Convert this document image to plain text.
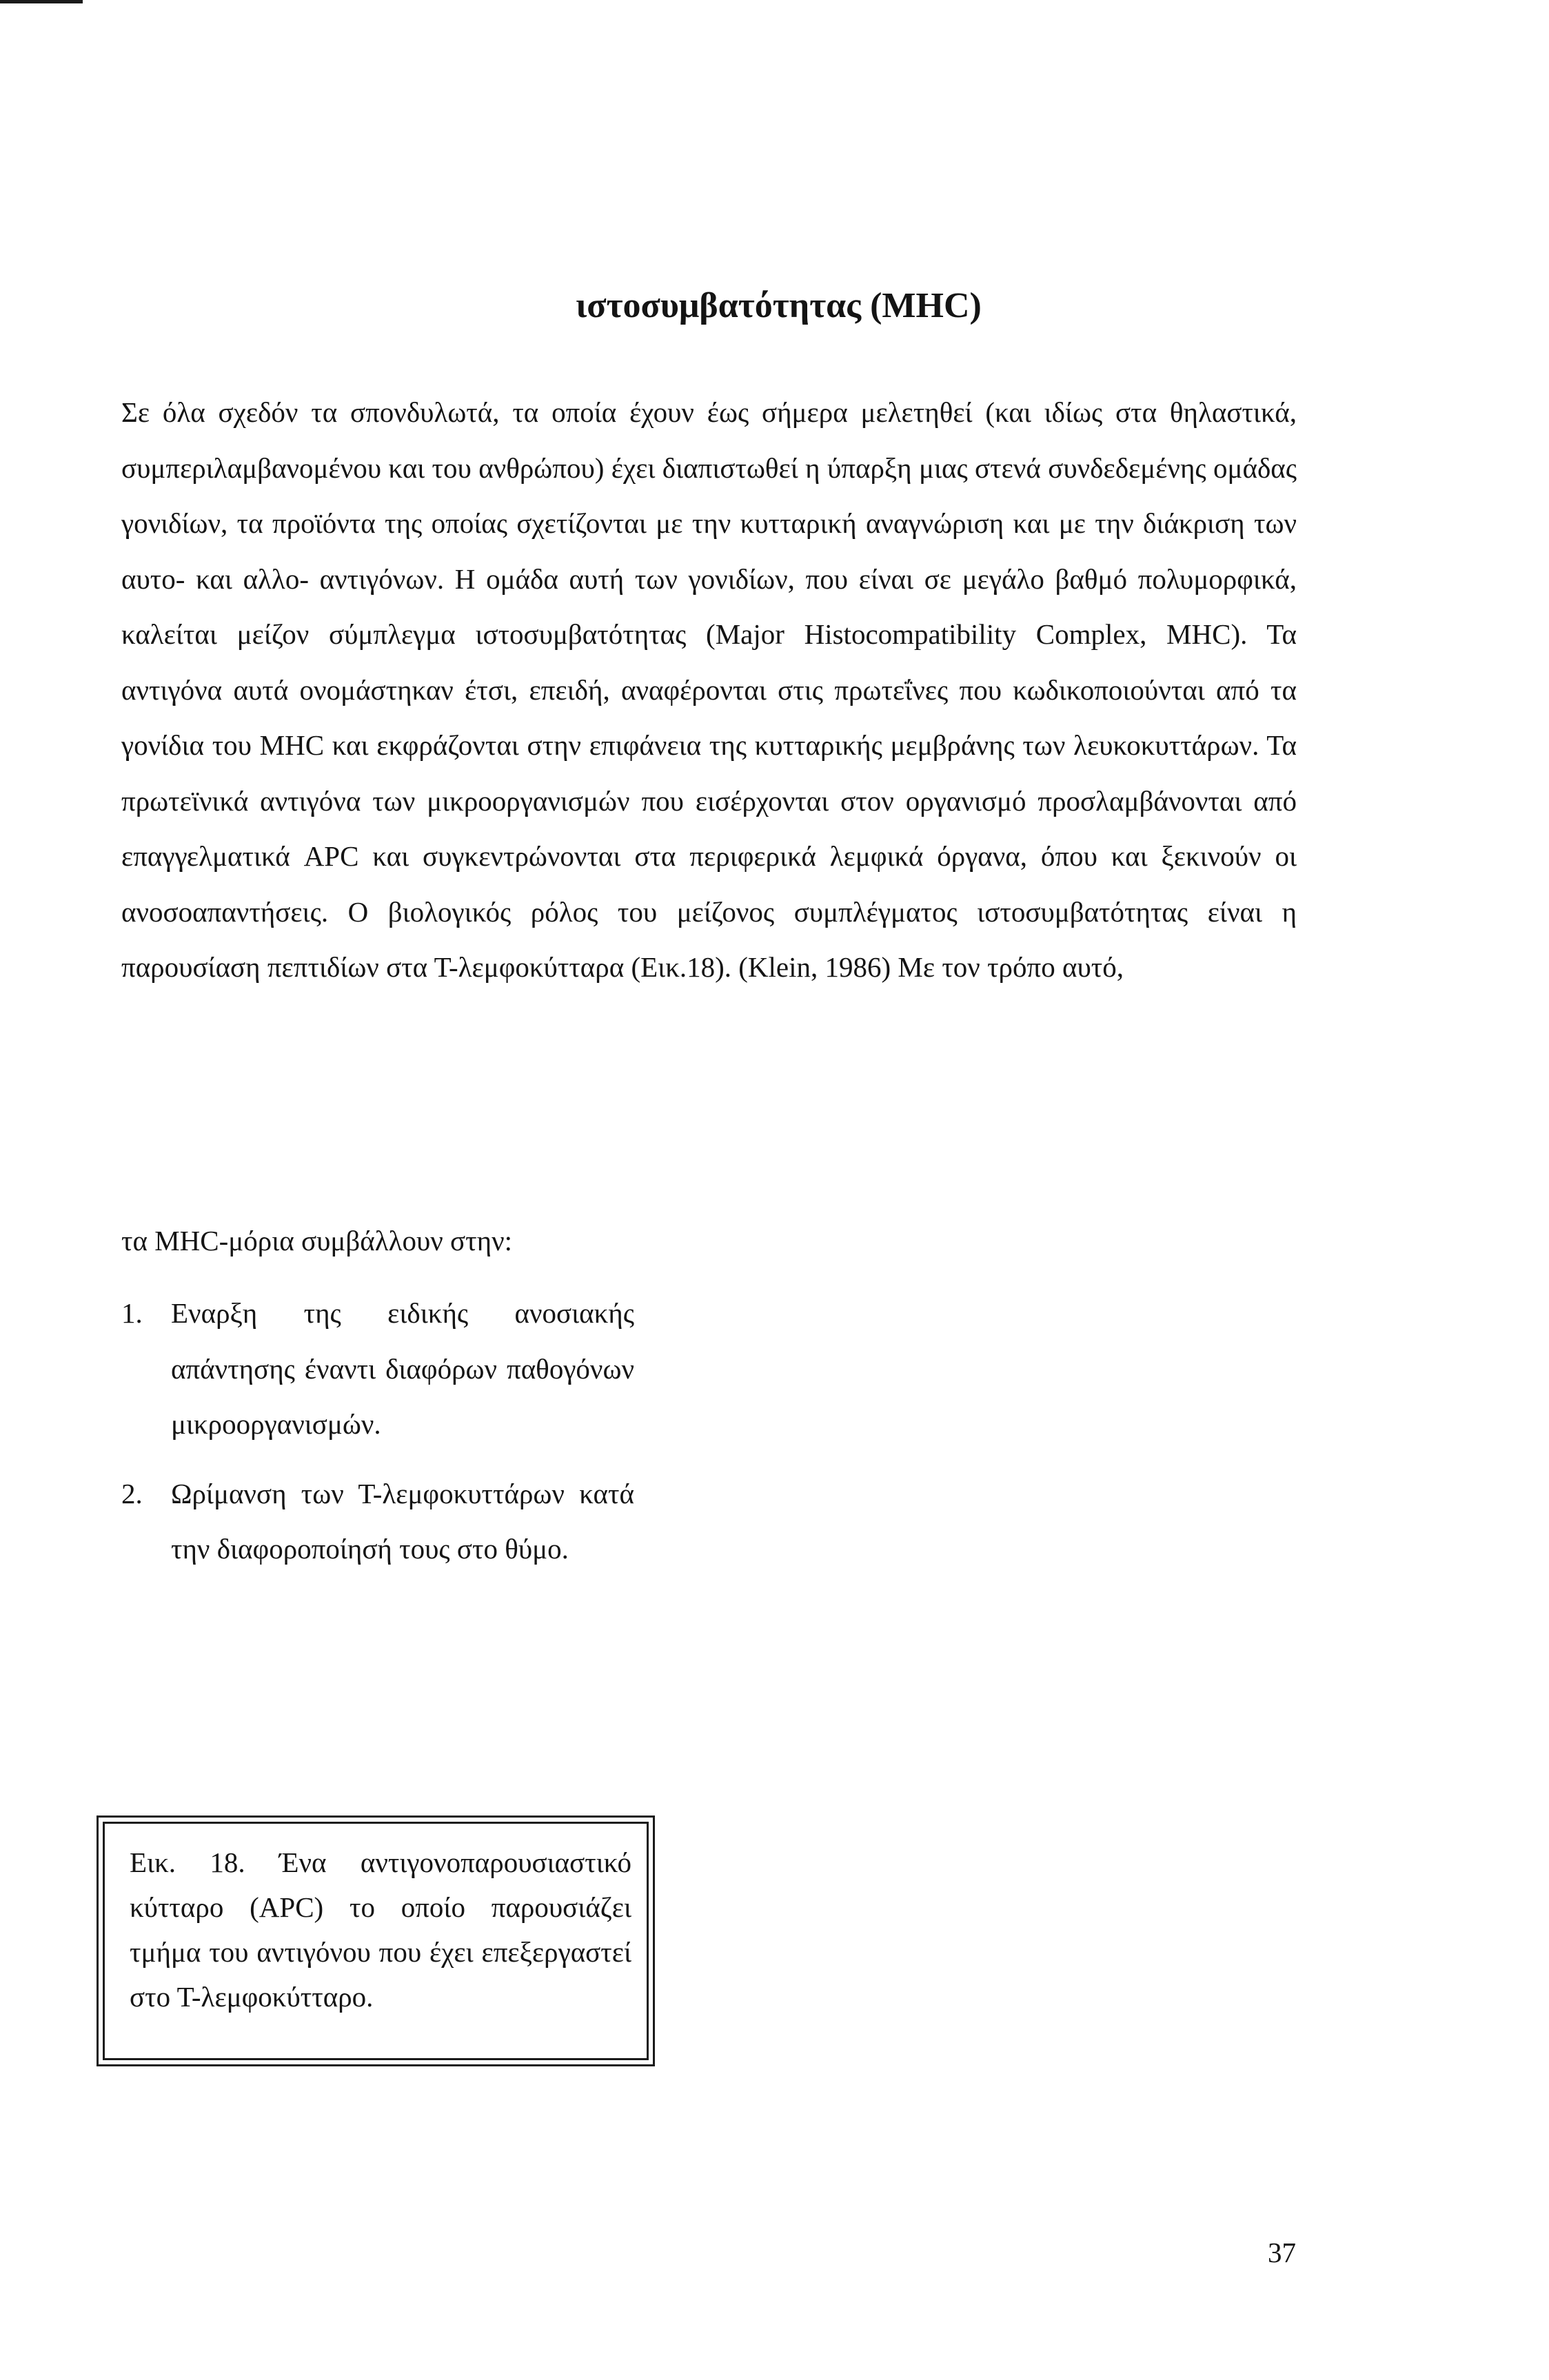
ιστοσυμβατότητας (MHC)

Σε όλα σχεδόν τα σπονδυλωτά, τα οποία έχουν έως σήμερα μελετηθεί (και ιδίως στα θηλαστικά, συμπεριλαμβανομένου και του ανθρώπου) έχει διαπιστωθεί η ύπαρξη μιας στενά συνδεδεμένης ομάδας γονιδίων, τα προϊόντα της οποίας σχετίζονται με την κυτταρική αναγνώριση και με την διάκριση των αυτο- και αλλο- αντιγόνων. Η ομάδα αυτή των γονιδίων, που είναι σε μεγάλο βαθμό πολυμορφικά, καλείται μείζον σύμπλεγμα ιστοσυμβατότητας (Major Histocompatibility Complex, MHC). Τα αντιγόνα αυτά ονομάστηκαν έτσι, επειδή, αναφέρονται στις πρωτεΐνες που κωδικοποιούνται από τα γονίδια του MHC και εκφράζονται στην επιφάνεια της κυτταρικής μεμβράνης των λευκοκυττάρων. Τα πρωτεϊνικά αντιγόνα των μικροοργανισμών που εισέρχονται στον οργανισμό προσλαμβάνονται από επαγγελματικά APC και συγκεντρώνονται στα περιφερικά λεμφικά όργανα, όπου και ξεκινούν οι ανοσοαπαντήσεις. Ο βιολογικός ρόλος του μείζονος συμπλέγματος ιστοσυμβατότητας είναι η παρουσίαση πεπτιδίων στα Τ-λεμφοκύτταρα (Εικ.18). (Klein, 1986) Με τον τρόπο αυτό,

τα MHC-μόρια συμβάλλουν στην:

1.	Εναρξη της ειδικής ανοσιακής απάντησης έναντι διαφόρων παθογόνων μικροοργανισμών.
2.	Ωρίμανση των Τ-λεμφοκυττάρων κατά την διαφοροποίησή τους στο θύμο.

Εικ. 18. Ένα αντιγονοπαρουσιαστικό κύτταρο (APC) το οποίο παρουσιάζει τμήμα του αντιγόνου που έχει επεξεργαστεί στο Τ-λεμφοκύτταρο.

37
